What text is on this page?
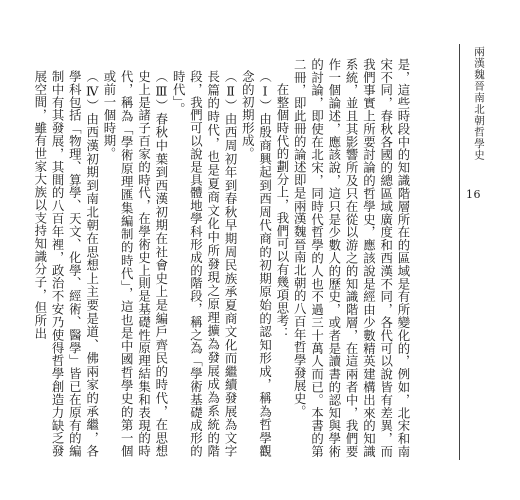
兩漢魏晉南北朝哲學史
16

是，這些時段中的知識階層所在的區域是有所變化的，例如，北宋和南宋不同，春秋各國的總區域廣度和西漢不同，各代可以說皆有差異，而我們事實上所要討論的哲學史，應該說是經由少數精英建構出來的知識系統，並且其影響所及只在從以游之的知識階層，在這兩者中，我們要作一個論述，應該說，這只是少數人的歷史，或者是讀書的認知與學術的討論，即使在北宋，同時代哲學的人也不過三十萬人而已。本書的第二冊，即此冊的論述即是兩漢魏晉南北朝的八百年哲學發展史。

在整個時代的劃分上，我們可以有幾項思考：

（Ⅰ）由殷商興起到西周代商的初期原始的認知形成，稱為哲學觀念的初期形成。

（Ⅱ）由西周初年到春秋早期周民族承夏商文化而繼續發展為文字長篇的時代，也是夏商文化中所發現之原理擴為發展成為系統的階段，我們可以說是具體地學科形成的階段，稱之為「學術基礎成形的時代」。

（Ⅲ）春秋中葉到西漢初期在社會史上是編戶齊民的時代，在思想史上是諸子百家的時代，在學術史上則是基礎性原理結集和表現的時代，稱為「學術原理匯集編制的時代」，這也是中國哲學史的第一個或前一個時期。

（Ⅳ）由西漢初期到南北朝在思想上主要是道、佛兩家的承繼，各學科包括「物理、算學、天文、化學、經術、醫學」皆已在原有的編制中有其發展，其間的八百年裡，政治不安乃使得哲學創造力缺乏發展空間，雖有世家大族以支持知識分子，但所出
